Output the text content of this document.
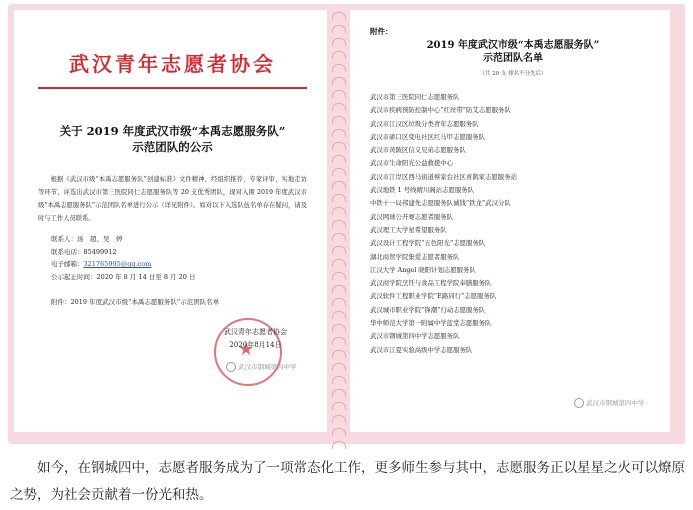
武汉青年志愿者协会
关于 2019 年度武汉市级“本禹志愿服务队”
示范团队的公示
根据《武汉市级“本禹志愿服务队”创建标准》文件精神，经组织推荐、专家评审、实地走访等环节，评选出武汉市第三医院同仁志愿服务队等 20 支优秀团队，现对入围 2019 年度武汉市级“本禹志愿服务队”示范团队名单进行公示（详见附件）。如对以下入选队伍名单存在疑问，请及时与工作人员联系。
联系人：汤　超、吴　婷
联系电话：85499912
电子邮箱：321765995@qq.com
公示起止时间：2020 年 8 月 14 日至 8 月 20 日
附件：2019 年度武汉市级“本禹志愿服务队”示范团队名单
★
武汉青年志愿者协会
2020年8月14日
武汉市钢城第四中学
附件：
2019 年度武汉市级“本禹志愿服务队”
示范团队名单
（共 20 支 排名不分先后）
武汉市第三医院同仁志愿服务队
武汉市疾病预防控制中心“红丝带”防艾志愿服务队
武汉市江汉区垃圾分类青年志愿服务队
武汉市硚口区变电社区红马甲志愿服务队
武汉市黄陂区信义兄弟志愿服务队
武汉市生命阳光公益救援中心
武汉市江岸区西马街道蔡家台社区喜鹊家志愿服务站
武汉地铁 1 号线晴川阁站志愿服务队
中铁十一局邦建先志愿服务队诚钱“铁龙”武汉分队
武汉网球公开赛志愿者服务队
武汉理工大学星希望服务队
武汉设计工程学院“五色阳光”志愿服务队
湖北商贸学院集爱志愿者服务队
江汉大学 Angel 晓阳计划志愿服务队
武汉商学院烹饪与食品工程学院奉膳服务队
武汉软件工程职业学院“E路同行”志愿服务队
武汉城市职业学院“锋潮”行动志愿服务队
华中师范大学第一附属中学蓝堂志愿服务队
武汉市钢城第四中学志愿服务队
武汉市江夏实验高级中学志愿服务队
武汉市钢城第四中学

如今，在钢城四中，志愿者服务成为了一项常态化工作，更多师生参与其中，志愿服务正以星星之火可以燎原之势，为社会贡献着一份光和热。
